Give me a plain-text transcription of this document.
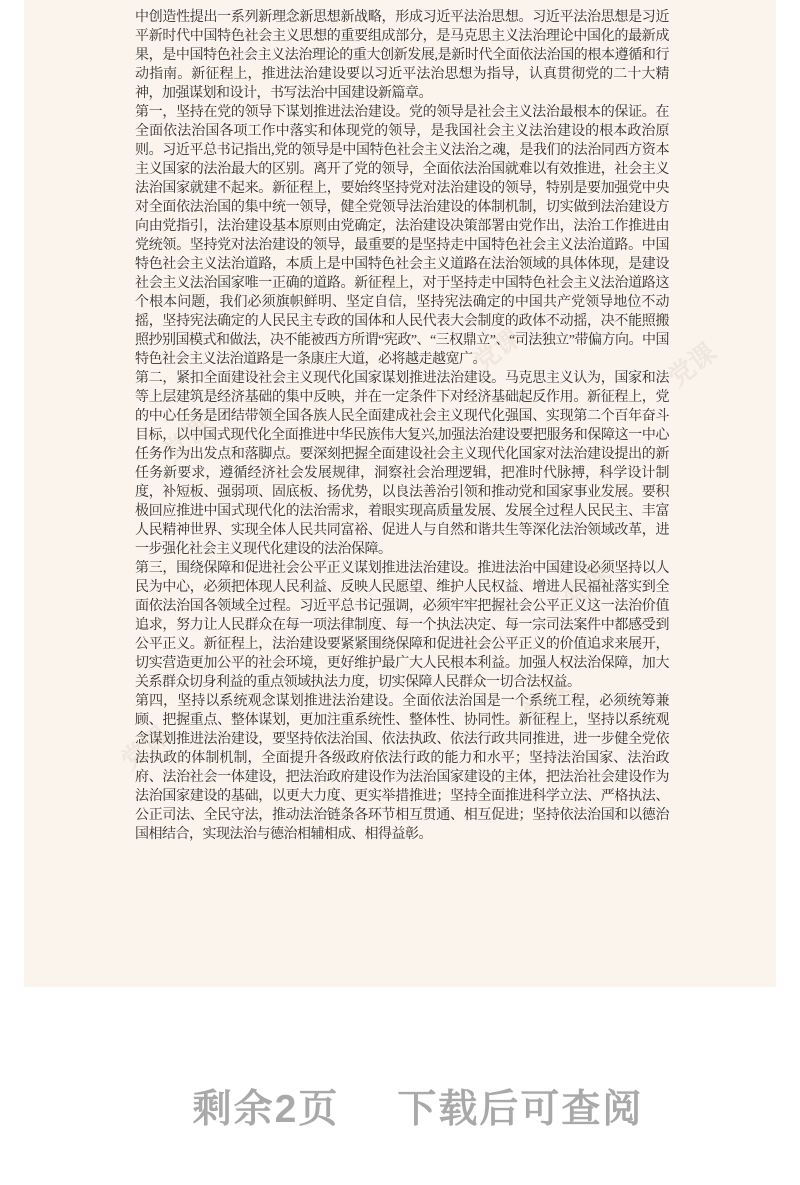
中创造性提出一系列新理念新思想新战略，形成习近平法治思想。习近平法治思想是习近平新时代中国特色社会主义思想的重要组成部分，是马克思主义法治理论中国化的最新成果，是中国特色社会主义法治理论的重大创新发展,是新时代全面依法治国的根本遵循和行动指南。新征程上，推进法治建设要以习近平法治思想为指导，认真贯彻党的二十大精神，加强谋划和设计，书写法治中国建设新篇章。

第一，坚持在党的领导下谋划推进法治建设。党的领导是社会主义法治最根本的保证。在全面依法治国各项工作中落实和体现党的领导，是我国社会主义法治建设的根本政治原则。习近平总书记指出,党的领导是中国特色社会主义法治之魂，是我们的法治同西方资本主义国家的法治最大的区别。离开了党的领导，全面依法治国就难以有效推进，社会主义法治国家就建不起来。新征程上，要始终坚持党对法治建设的领导，特别是要加强党中央对全面依法治国的集中统一领导，健全党领导法治建设的体制机制，切实做到法治建设方向由党指引，法治建设基本原则由党确定，法治建设决策部署由党作出，法治工作推进由党统领。坚持党对法治建设的领导，最重要的是坚持走中国特色社会主义法治道路。中国特色社会主义法治道路，本质上是中国特色社会主义道路在法治领域的具体体现，是建设社会主义法治国家唯一正确的道路。新征程上，对于坚持走中国特色社会主义法治道路这个根本问题，我们必须旗帜鲜明、坚定自信，坚持宪法确定的中国共产党领导地位不动摇，坚持宪法确定的人民民主专政的国体和人民代表大会制度的政体不动摇，决不能照搬照抄别国模式和做法，决不能被西方所谓“宪政”、“三权鼎立”、“司法独立”带偏方向。中国特色社会主义法治道路是一条康庄大道，必将越走越宽广。

第二，紧扣全面建设社会主义现代化国家谋划推进法治建设。马克思主义认为，国家和法等上层建筑是经济基础的集中反映，并在一定条件下对经济基础起反作用。新征程上，党的中心任务是团结带领全国各族人民全面建成社会主义现代化强国、实现第二个百年奋斗目标，以中国式现代化全面推进中华民族伟大复兴,加强法治建设要把服务和保障这一中心任务作为出发点和落脚点。要深刻把握全面建设社会主义现代化国家对法治建设提出的新任务新要求，遵循经济社会发展规律，洞察社会治理逻辑，把准时代脉搏，科学设计制度，补短板、强弱项、固底板、扬优势，以良法善治引领和推动党和国家事业发展。要积极回应推进中国式现代化的法治需求，着眼实现高质量发展、发展全过程人民民主、丰富人民精神世界、实现全体人民共同富裕、促进人与自然和谐共生等深化法治领域改革，进一步强化社会主义现代化建设的法治保障。

第三，围绕保障和促进社会公平正义谋划推进法治建设。推进法治中国建设必须坚持以人民为中心，必须把体现人民利益、反映人民愿望、维护人民权益、增进人民福祉落实到全面依法治国各领域全过程。习近平总书记强调，必须牢牢把握社会公平正义这一法治价值追求，努力让人民群众在每一项法律制度、每一个执法决定、每一宗司法案件中都感受到公平正义。新征程上，法治建设要紧紧围绕保障和促进社会公平正义的价值追求来展开，切实营造更加公平的社会环境，更好维护最广大人民根本利益。加强人权法治保障，加大关系群众切身利益的重点领域执法力度，切实保障人民群众一切合法权益。

第四，坚持以系统观念谋划推进法治建设。全面依法治国是一个系统工程，必须统筹兼顾、把握重点、整体谋划，更加注重系统性、整体性、协同性。新征程上，坚持以系统观念谋划推进法治建设，要坚持依法治国、依法执政、依法行政共同推进，进一步健全党依法执政的体制机制，全面提升各级政府依法行政的能力和水平；坚持法治国家、法治政府、法治社会一体建设，把法治政府建设作为法治国家建设的主体，把法治社会建设作为法治国家建设的基础，以更大力度、更实举措推进；坚持全面推进科学立法、严格执法、公正司法、全民守法，推动法治链条各环节相互贯通、相互促进；坚持依法治国和以德治国相结合，实现法治与德治相辅相成、相得益彰。

剩余2页 下载后可查阅
